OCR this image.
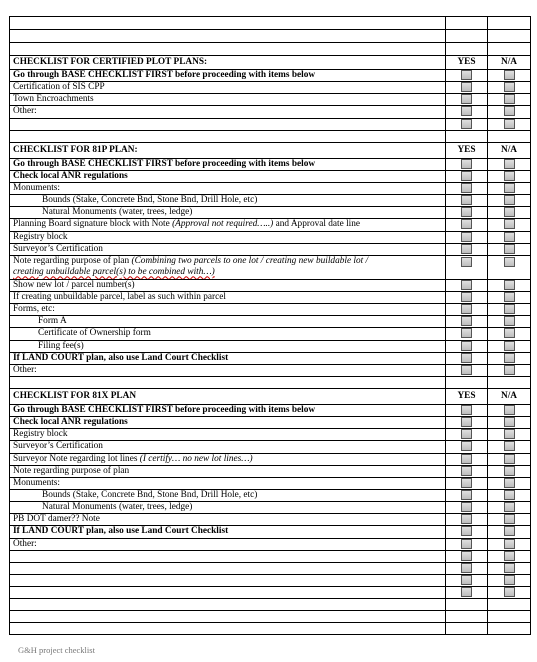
CHECKLIST FOR CERTIFIED PLOT PLANS:	YES	N/A
Go through BASE CHECKLIST FIRST before proceeding with items below		
Certification of SIS CPP		
Town Encroachments		
Other:		

CHECKLIST FOR 81P PLAN:	YES	N/A
Go through BASE CHECKLIST FIRST before proceeding with items below		
Check local ANR regulations		
Monuments:		
Bounds (Stake, Concrete Bnd, Stone Bnd, Drill Hole, etc)		
Natural Monuments (water, trees, ledge)		
Planning Board signature block with Note (Approval not required…..) and Approval date line		
Registry block		
Surveyor’s Certification		
Note regarding purpose of plan (Combining two parcels to one lot / creating new buildable lot /
creating unbuildable parcel(s) to be combined with…)		
Show new lot / parcel number(s)		
If creating unbuildable parcel, label as such within parcel		
Forms, etc:		
Form A		
Certificate of Ownership form		
Filing fee(s)		
If LAND COURT plan, also use Land Court Checklist		
Other:		

CHECKLIST FOR 81X PLAN	YES	N/A
Go through BASE CHECKLIST FIRST before proceeding with items below		
Check local ANR regulations		
Registry block		
Surveyor’s Certification		
Surveyor Note regarding lot lines (I certify… no new lot lines…)		
Note regarding purpose of plan		
Monuments:		
Bounds (Stake, Concrete Bnd, Stone Bnd, Drill Hole, etc)		
Natural Monuments (water, trees, ledge)		
PB DOT damer?? Note		
If LAND COURT plan, also use Land Court Checklist		
Other:		

G&H project checklist
